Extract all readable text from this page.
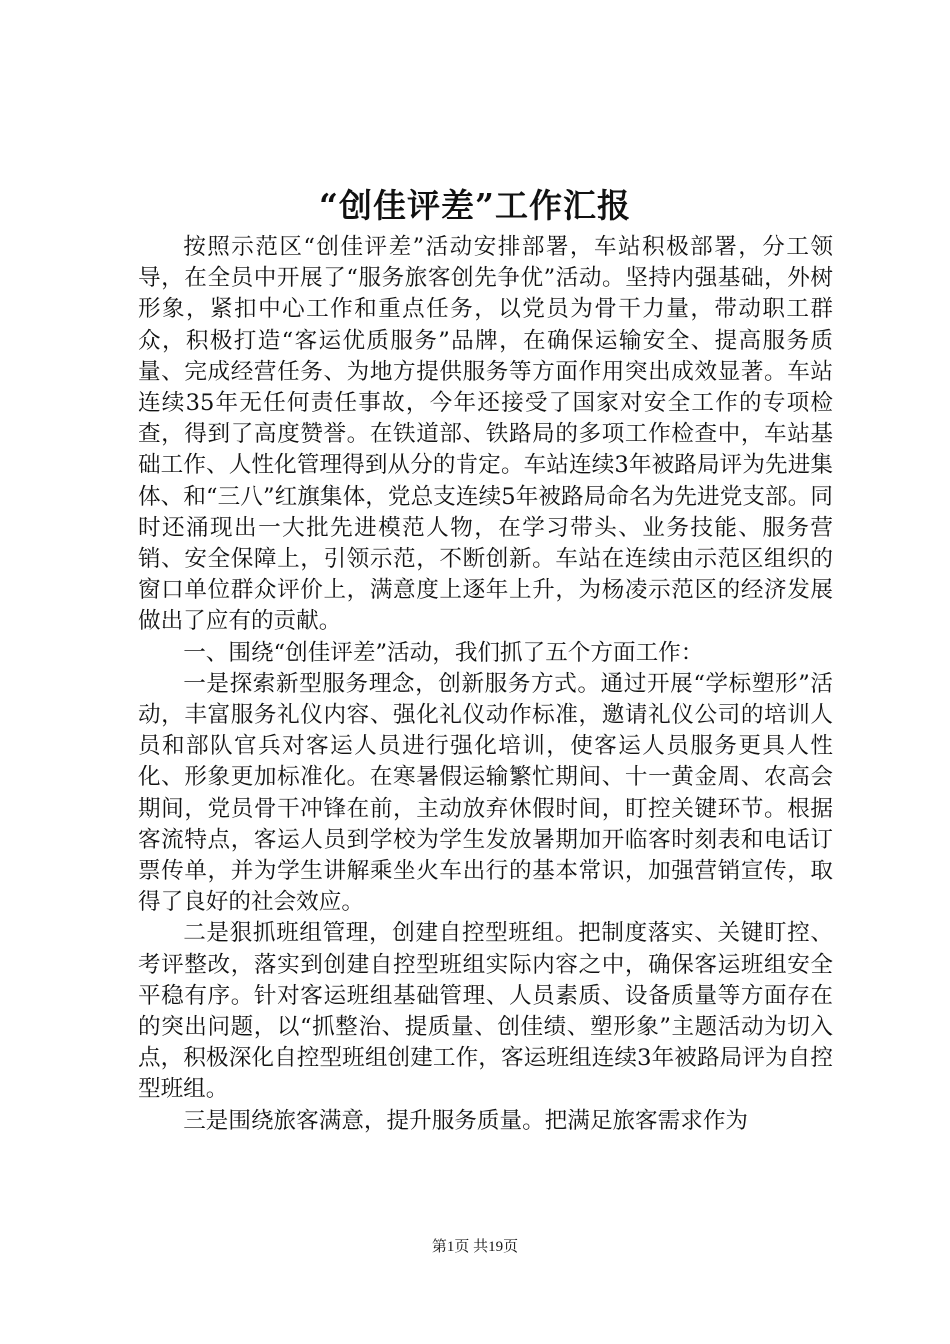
“创佳评差”工作汇报

按照示范区“创佳评差”活动安排部署，车站积极部署，分工领导，在全员中开展了“服务旅客创先争优”活动。坚持内强基础，外树形象，紧扣中心工作和重点任务，以党员为骨干力量，带动职工群众，积极打造“客运优质服务”品牌，在确保运输安全、提高服务质量、完成经营任务、为地方提供服务等方面作用突出成效显著。车站连续35年无任何责任事故，今年还接受了国家对安全工作的专项检查，得到了高度赞誉。在铁道部、铁路局的多项工作检查中，车站基础工作、人性化管理得到从分的肯定。车站连续3年被路局评为先进集体、和“三八”红旗集体，党总支连续5年被路局命名为先进党支部。同时还涌现出一大批先进模范人物，在学习带头、业务技能、服务营销、安全保障上，引领示范，不断创新。车站在连续由示范区组织的窗口单位群众评价上，满意度上逐年上升，为杨凌示范区的经济发展做出了应有的贡献。

一、围绕“创佳评差”活动，我们抓了五个方面工作：

一是探索新型服务理念，创新服务方式。通过开展“学标塑形”活动，丰富服务礼仪内容、强化礼仪动作标准，邀请礼仪公司的培训人员和部队官兵对客运人员进行强化培训，使客运人员服务更具人性化、形象更加标准化。在寒暑假运输繁忙期间、十一黄金周、农高会期间，党员骨干冲锋在前，主动放弃休假时间，盯控关键环节。根据客流特点，客运人员到学校为学生发放暑期加开临客时刻表和电话订票传单，并为学生讲解乘坐火车出行的基本常识，加强营销宣传，取得了良好的社会效应。

二是狠抓班组管理，创建自控型班组。把制度落实、关键盯控、考评整改，落实到创建自控型班组实际内容之中，确保客运班组安全平稳有序。针对客运班组基础管理、人员素质、设备质量等方面存在的突出问题，以“抓整治、提质量、创佳绩、塑形象”主题活动为切入点，积极深化自控型班组创建工作，客运班组连续3年被路局评为自控型班组。

三是围绕旅客满意，提升服务质量。把满足旅客需求作为

第1页 共19页
